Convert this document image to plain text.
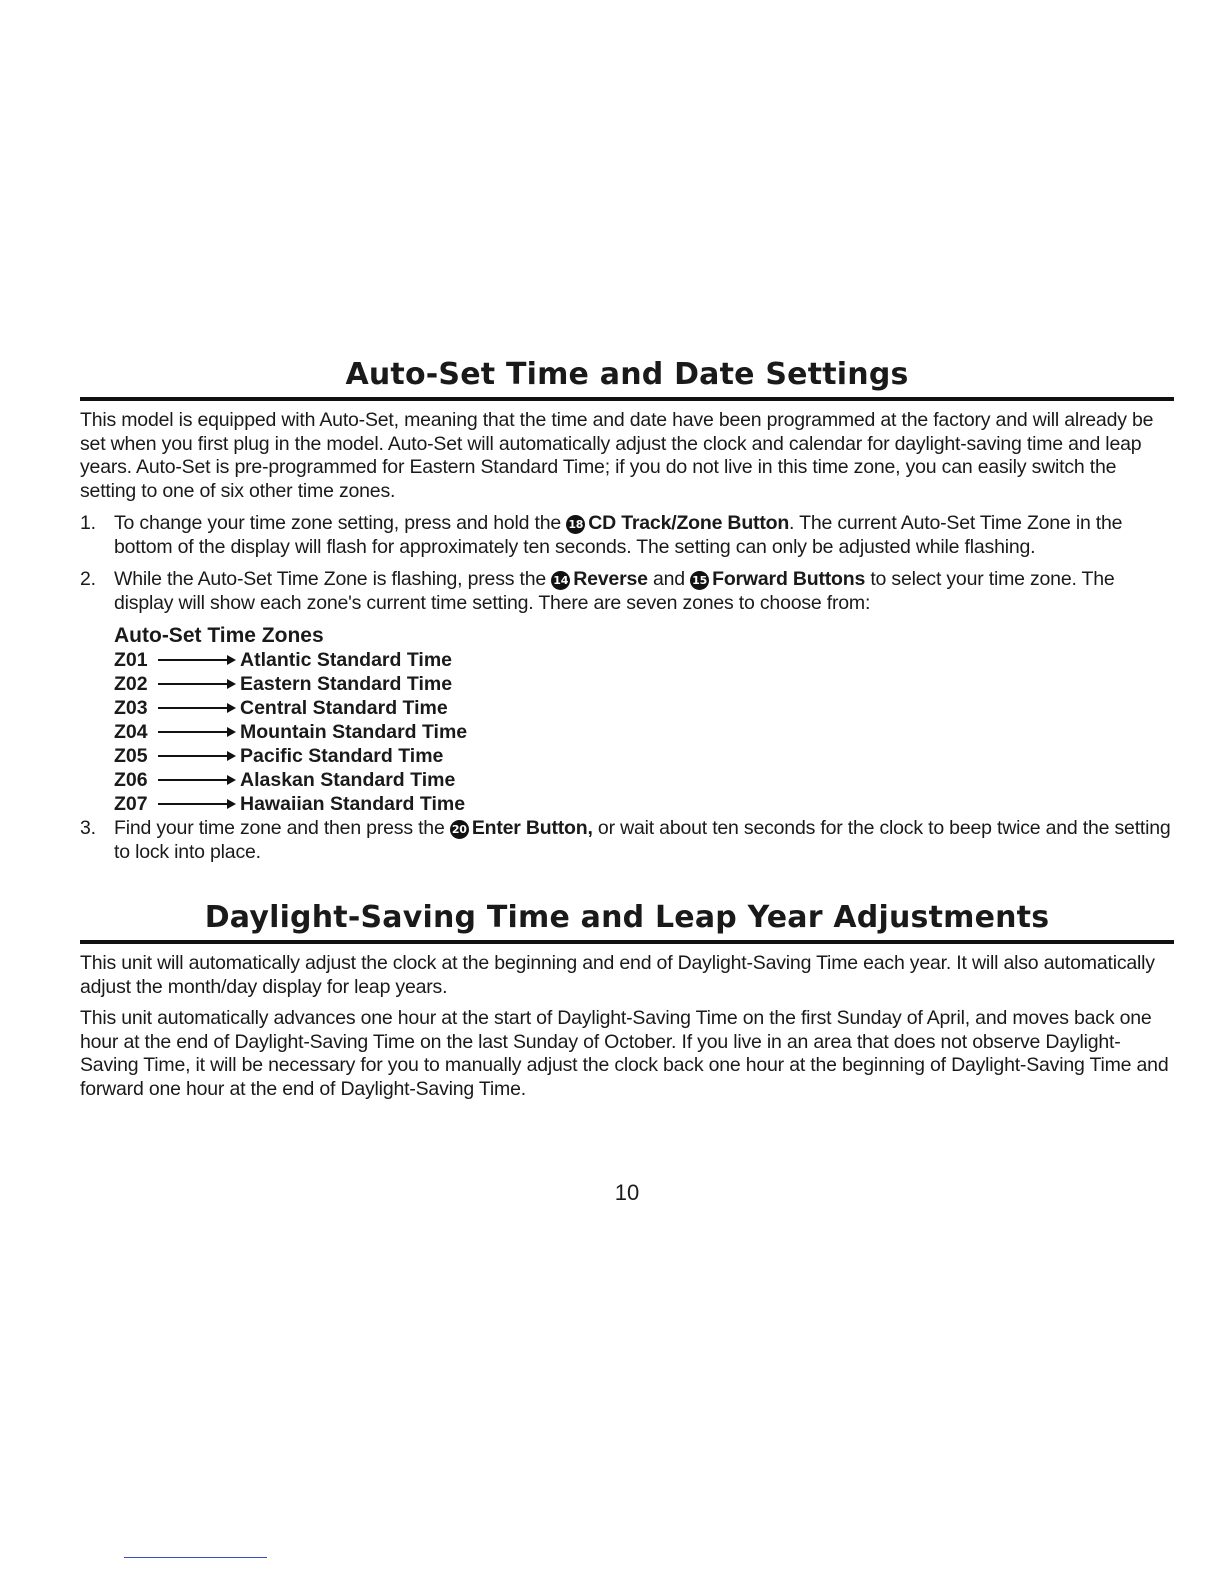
Auto-Set Time and Date Settings

This model is equipped with Auto-Set, meaning that the time and date have been programmed at the factory and will already be set when you first plug in the model. Auto-Set will automatically adjust the clock and calendar for daylight-saving time and leap years. Auto-Set is pre-programmed for Eastern Standard Time; if you do not live in this time zone, you can easily switch the setting to one of six other time zones.

1. To change your time zone setting, press and hold the 18 CD Track/Zone Button. The current Auto-Set Time Zone in the bottom of the display will flash for approximately ten seconds. The setting can only be adjusted while flashing.
2. While the Auto-Set Time Zone is flashing, press the 14 Reverse and 15 Forward Buttons to select your time zone. The display will show each zone's current time setting. There are seven zones to choose from:
Auto-Set Time Zones
Z01	Atlantic Standard Time
Z02	Eastern Standard Time
Z03	Central Standard Time
Z04	Mountain Standard Time
Z05	Pacific Standard Time
Z06	Alaskan Standard Time
Z07	Hawaiian Standard Time
3. Find your time zone and then press the 20 Enter Button, or wait about ten seconds for the clock to beep twice and the setting to lock into place.
Daylight-Saving Time and Leap Year Adjustments

This unit will automatically adjust the clock at the beginning and end of Daylight-Saving Time each year. It will also automatically adjust the month/day display for leap years.

This unit automatically advances one hour at the start of Daylight-Saving Time on the first Sunday of April, and moves back one hour at the end of Daylight-Saving Time on the last Sunday of October. If you live in an area that does not observe Daylight-Saving Time, it will be necessary for you to manually adjust the clock back one hour at the beginning of Daylight-Saving Time and forward one hour at the end of Daylight-Saving Time.

10
